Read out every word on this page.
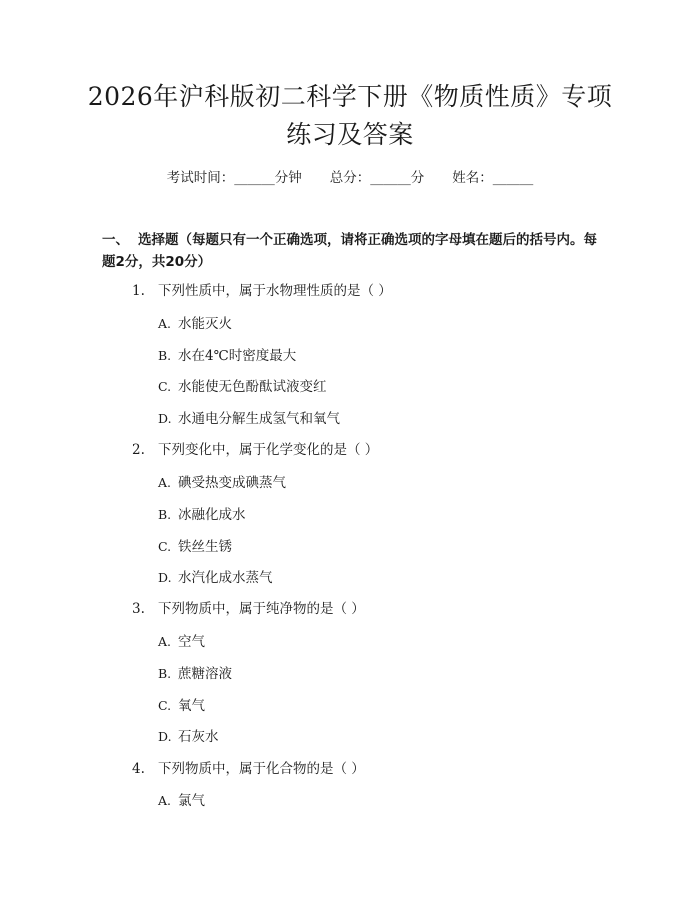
2026年沪科版初二科学下册《物质性质》专项练习及答案
考试时间：______分钟 总分：______分 姓名：______
一、 选择题（每题只有一个正确选项，请将正确选项的字母填在题后的括号内。每题2分，共20分）
1. 下列性质中，属于水物理性质的是（ ）
A. 水能灭火
B. 水在4℃时密度最大
C. 水能使无色酚酞试液变红
D. 水通电分解生成氢气和氧气
2. 下列变化中，属于化学变化的是（ ）
A. 碘受热变成碘蒸气
B. 冰融化成水
C. 铁丝生锈
D. 水汽化成水蒸气
3. 下列物质中，属于纯净物的是（ ）
A. 空气
B. 蔗糖溶液
C. 氧气
D. 石灰水
4. 下列物质中，属于化合物的是（ ）
A. 氯气
